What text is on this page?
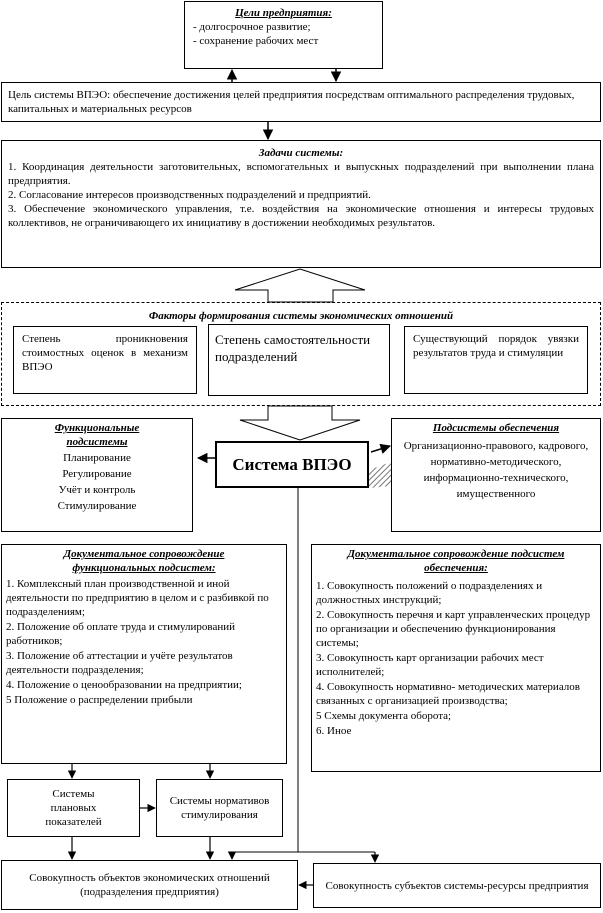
Цели предприятия:
- долгосрочное развитие;
- сохранение рабочих мест
Цель системы ВПЭО: обеспечение достижения целей предприятия посредствам оптимального распределения трудовых, капитальных и материальных ресурсов
Задачи системы:
1. Координация деятельности заготовительных, вспомогательных и выпускных подразделений при выполнении плана предприятия.
2. Согласование интересов производственных подразделений и предприятий.
3. Обеспечение экономического управления, т.е. воздействия на экономические отношения и интересы трудовых коллективов, не ограничивающего их инициативу в достижении необходимых результатов.
Факторы формирования системы экономических отношений
Степень проникновения стоимостных оценок в механизм ВПЭО
Степень самостоятельности подразделений
Существующий порядок увязки результатов труда и стимуляции
Функциональные
подсистемы
Планирование
Регулирование
Учёт и контроль
Стимулирование
Система ВПЭО
Подсистемы обеспечения
Организационно-правового, кадрового, нормативно-методического, информационно-технического, имущественного
Документальное сопровождение функциональных подсистем:
1. Комплексный план производственной и иной деятельности по предприятию в целом и с разбивкой по подразделениям;
2. Положение об оплате труда и стимулирований работников;
3. Положение об аттестации и учёте результатов деятельности подразделения;
4. Положение о ценообразовании на предприятии;
5 Положение о распределении прибыли
Документальное сопровождение подсистем обеспечения:
1. Совокупность положений о подразделениях и должностных инструкций;
2. Совокупность перечня и карт управленческих процедур по организации и обеспечению функционирования системы;
3. Совокупность карт организации рабочих мест исполнителей;
4. Совокупность нормативно- методических материалов связанных с организацией производства;
5 Схемы документа оборота;
6. Иное
Системы плановых показателей
Системы нормативов стимулирования
Совокупность объектов экономических отношений (подразделения предприятия)
Совокупность субъектов системы-ресурсы предприятия
